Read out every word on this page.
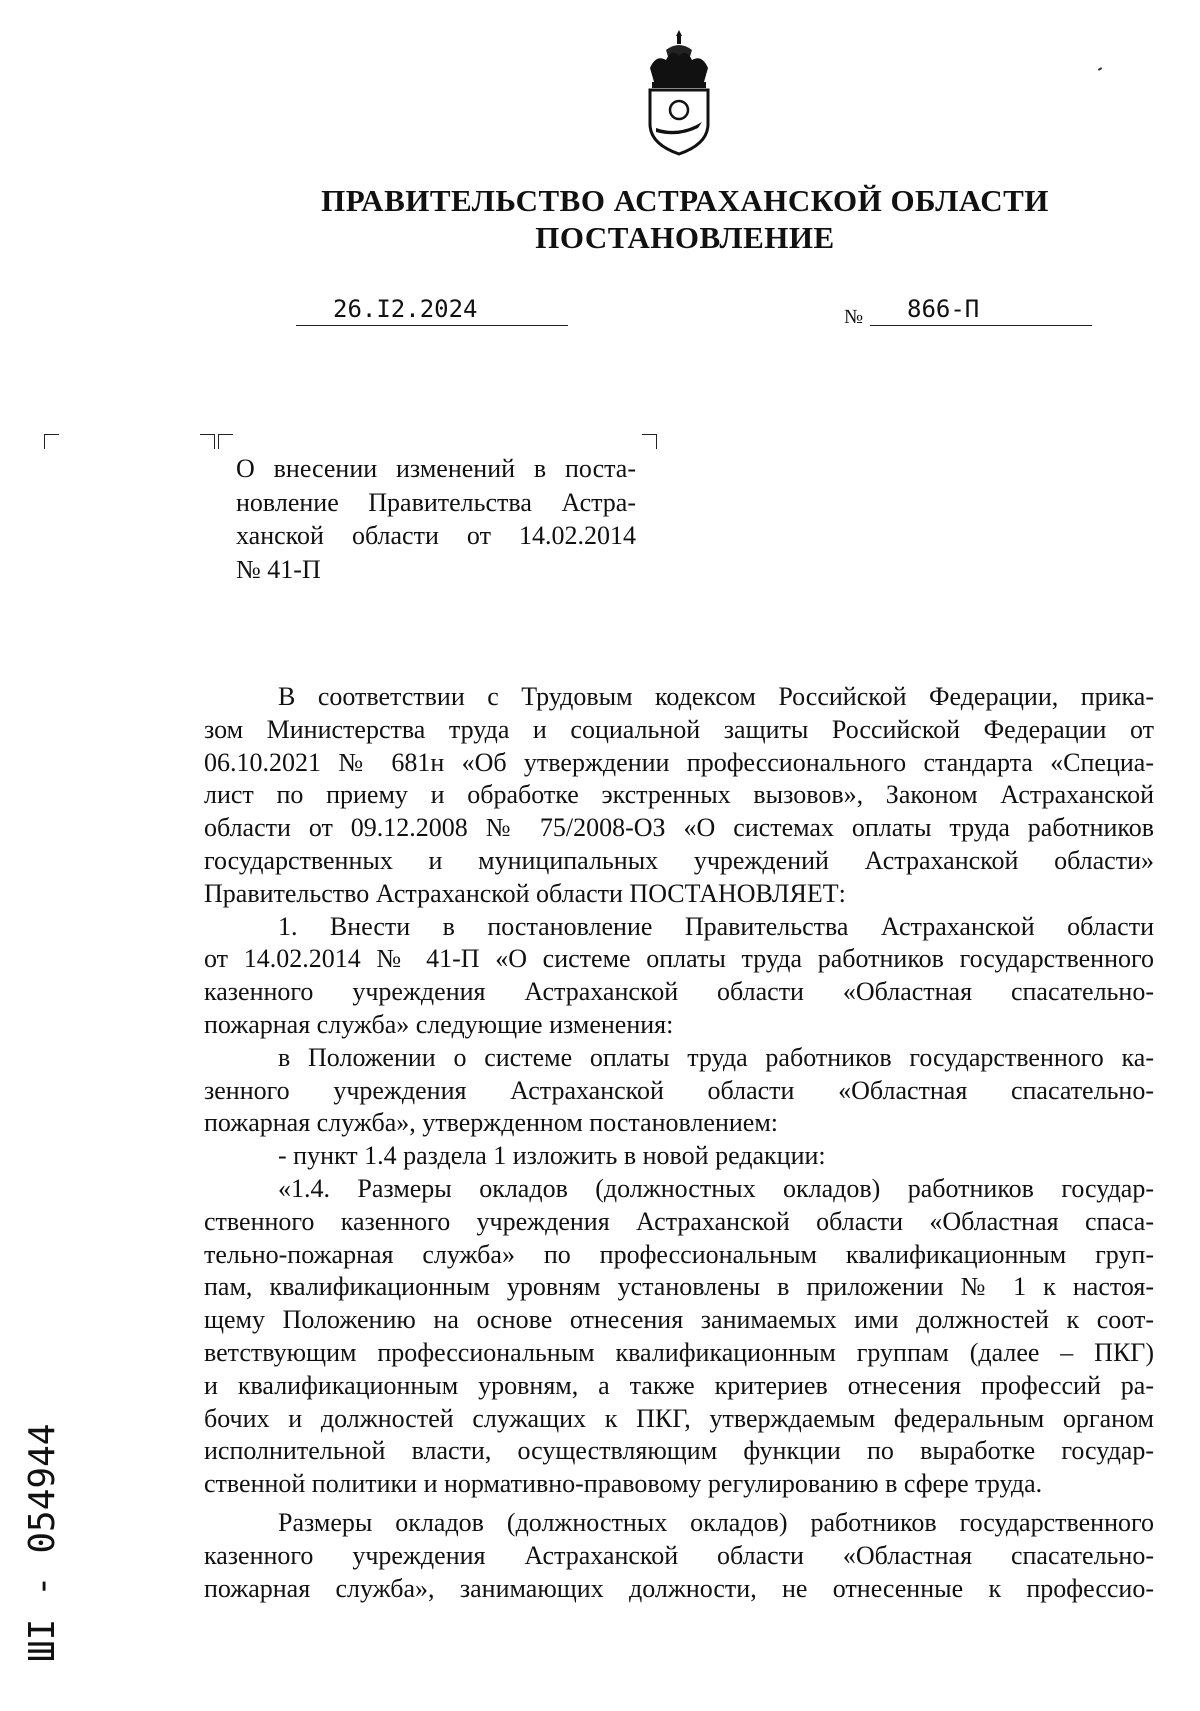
ПРАВИТЕЛЬСТВО АСТРАХАНСКОЙ ОБЛАСТИ
ПОСТАНОВЛЕНИЕ
26.I2.2024	№ 866-П
О внесении изменений в поста-
новление Правительства Астра-
ханской области от 14.02.2014
№ 41-П
В соответствии с Трудовым кодексом Российской Федерации, прика-
зом Министерства труда и социальной защиты Российской Федерации от
06.10.2021 № 681н «Об утверждении профессионального стандарта «Специа-
лист по приему и обработке экстренных вызовов», Законом Астраханской
области от 09.12.2008 № 75/2008-ОЗ «О системах оплаты труда работников
государственных и муниципальных учреждений Астраханской области»
Правительство Астраханской области ПОСТАНОВЛЯЕТ:
1. Внести в постановление Правительства Астраханской области
от 14.02.2014 № 41-П «О системе оплаты труда работников государственного
казенного учреждения Астраханской области «Областная спасательно-
пожарная служба» следующие изменения:
в Положении о системе оплаты труда работников государственного ка-
зенного учреждения Астраханской области «Областная спасательно-
пожарная служба», утвержденном постановлением:
- пункт 1.4 раздела 1 изложить в новой редакции:
«1.4. Размеры окладов (должностных окладов) работников государ-
ственного казенного учреждения Астраханской области «Областная спаса-
тельно-пожарная служба» по профессиональным квалификационным груп-
пам, квалификационным уровням установлены в приложении № 1 к настоя-
щему Положению на основе отнесения занимаемых ими должностей к соот-
ветствующим профессиональным квалификационным группам (далее – ПКГ)
и квалификационным уровням, а также критериев отнесения профессий ра-
бочих и должностей служащих к ПКГ, утверждаемым федеральным органом
исполнительной власти, осуществляющим функции по выработке государ-
ственной политики и нормативно-правовому регулированию в сфере труда.
Размеры окладов (должностных окладов) работников государственного
казенного учреждения Астраханской области «Областная спасательно-
пожарная служба», занимающих должности, не отнесенные к профессио-
ШI - 054944
